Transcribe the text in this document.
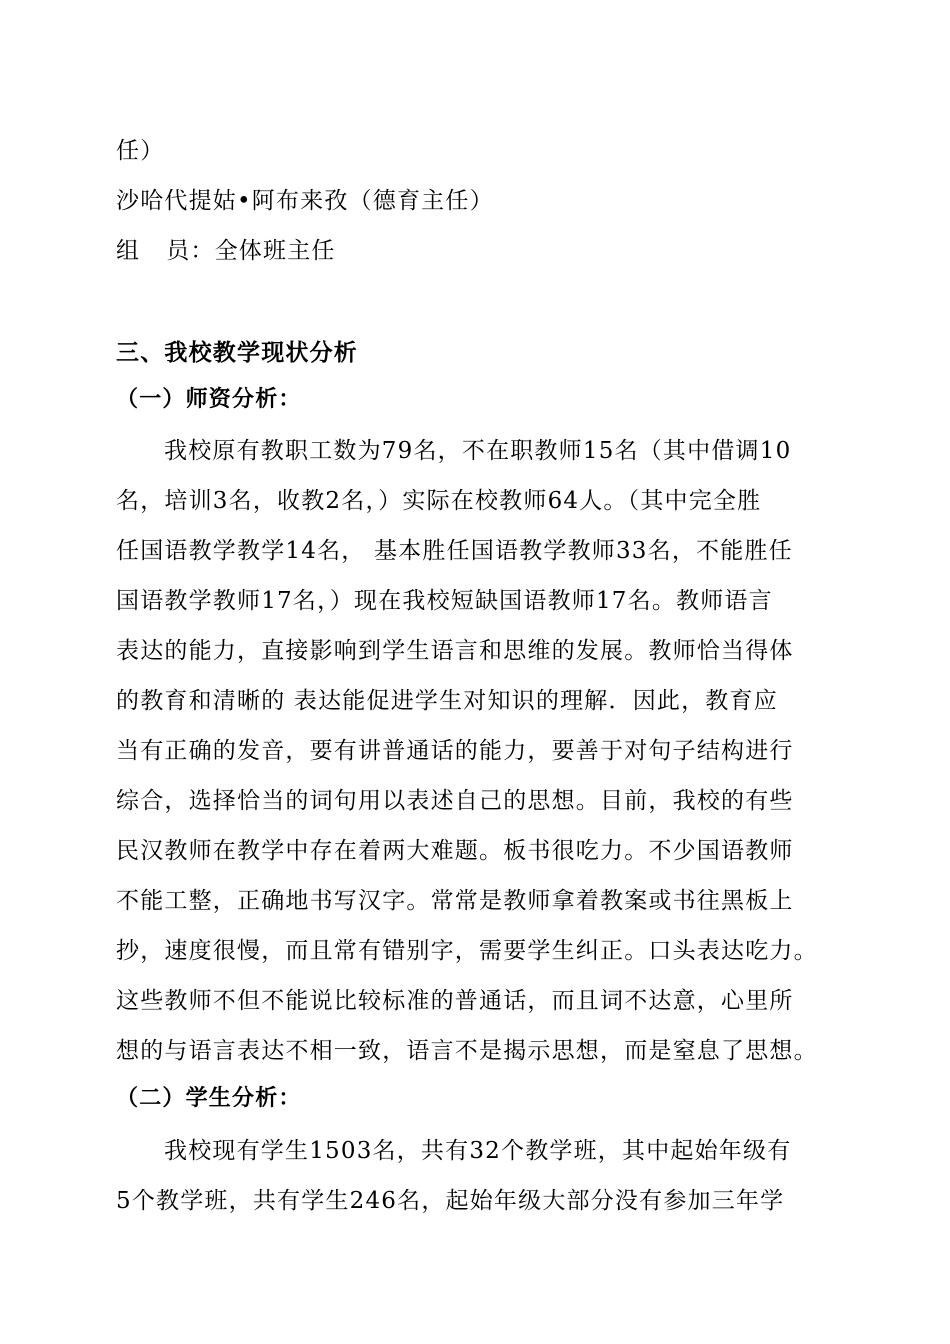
任）
沙哈代提姑•阿布来孜（德育主任）
组 员：全体班主任
三、我校教学现状分析
（一）师资分析：
我校原有教职工数为79名，不在职教师15名（其中借调10
名，培训3名，收教2名，）实际在校教师64人。（其中完全胜
任国语教学教学14名， 基本胜任国语教学教师33名，不能胜任
国语教学教师17名，）现在我校短缺国语教师17名。教师语言
表达的能力，直接影响到学生语言和思维的发展。教师恰当得体
的教育和清晰的 表达能促进学生对知识的理解．因此，教育应
当有正确的发音，要有讲普通话的能力，要善于对句子结构进行
综合，选择恰当的词句用以表述自己的思想。目前，我校的有些
民汉教师在教学中存在着两大难题。板书很吃力。不少国语教师
不能工整，正确地书写汉字。常常是教师拿着教案或书往黑板上
抄，速度很慢，而且常有错别字，需要学生纠正。口头表达吃力。
这些教师不但不能说比较标准的普通话，而且词不达意，心里所
想的与语言表达不相一致，语言不是揭示思想，而是窒息了思想。
（二）学生分析：
我校现有学生1503名，共有32个教学班，其中起始年级有
5个教学班，共有学生246名，起始年级大部分没有参加三年学
